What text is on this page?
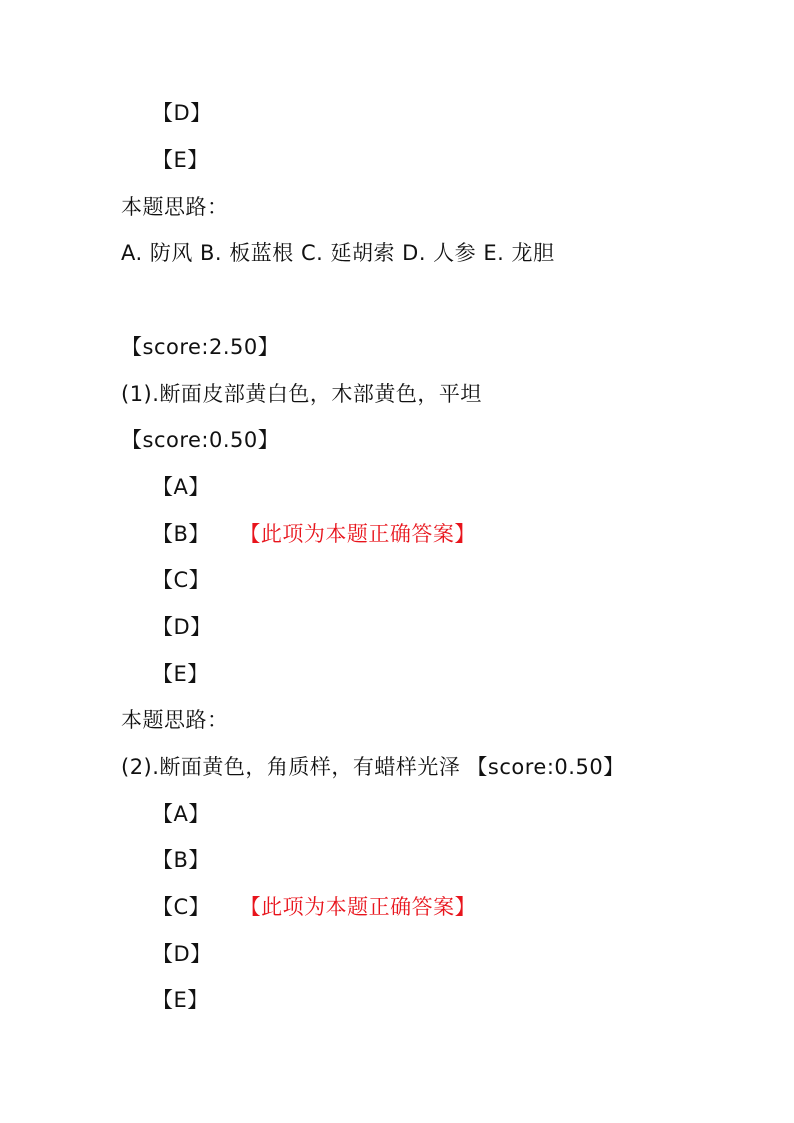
【D】
【E】
本题思路：
A. 防风 B. 板蓝根 C. 延胡索 D. 人参 E. 龙胆
【score:2.50】
(1).断面皮部黄白色，木部黄色，平坦
【score:0.50】
【A】
【B】 【此项为本题正确答案】
【C】
【D】
【E】
本题思路：
(2).断面黄色，角质样，有蜡样光泽 【score:0.50】
【A】
【B】
【C】 【此项为本题正确答案】
【D】
【E】
